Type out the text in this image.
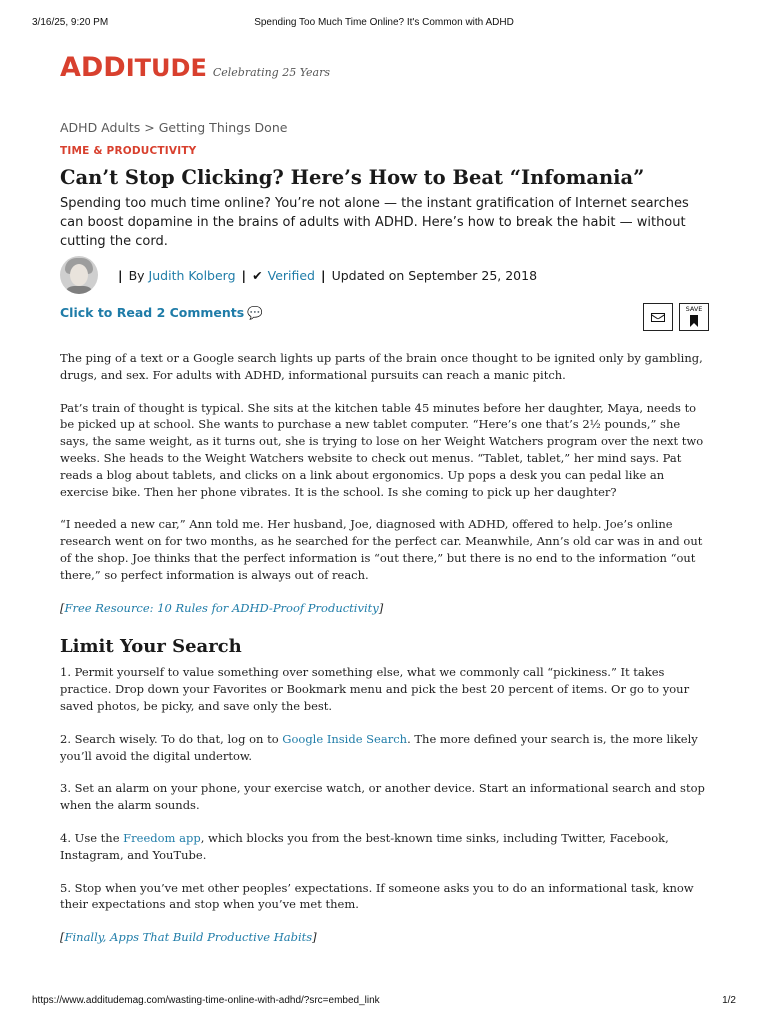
3/16/25, 9:20 PM	Spending Too Much Time Online? It's Common with ADHD
ADDITUDE Celebrating 25 Years
ADHD Adults > Getting Things Done
TIME & PRODUCTIVITY
Can’t Stop Clicking? Here’s How to Beat “Infomania”
Spending too much time online? You’re not alone — the instant gratification of Internet searches can boost dopamine in the brains of adults with ADHD. Here’s how to break the habit — without cutting the cord.
| By
Judith Kolberg | ✔ Verified | Updated on September 25, 2018
Click to Read 2 Comments 💬	SAVE

The ping of a text or a Google search lights up parts of the brain once thought to be ignited only by gambling, drugs, and sex. For adults with ADHD, informational pursuits can reach a manic pitch.

Pat’s train of thought is typical. She sits at the kitchen table 45 minutes before her daughter, Maya, needs to be picked up at school. She wants to purchase a new tablet computer. “Here’s one that’s 2½ pounds,” she says, the same weight, as it turns out, she is trying to lose on her Weight Watchers program over the next two weeks. She heads to the Weight Watchers website to check out menus. “Tablet, tablet,” her mind says. Pat reads a blog about tablets, and clicks on a link about ergonomics. Up pops a desk you can pedal like an exercise bike. Then her phone vibrates. It is the school. Is she coming to pick up her daughter?

“I needed a new car,” Ann told me. Her husband, Joe, diagnosed with ADHD, offered to help. Joe’s online research went on for two months, as he searched for the perfect car. Meanwhile, Ann’s old car was in and out of the shop. Joe thinks that the perfect information is “out there,” but there is no end to the information “out there,” so perfect information is always out of reach.

[Free Resource: 10 Rules for ADHD-Proof Productivity]

Limit Your Search

1. Permit yourself to value something over something else, what we commonly call “pickiness.” It takes practice. Drop down your Favorites or Bookmark menu and pick the best 20 percent of items. Or go to your saved photos, be picky, and save only the best.

2. Search wisely. To do that, log on to Google Inside Search. The more defined your search is, the more likely you’ll avoid the digital undertow.

3. Set an alarm on your phone, your exercise watch, or another device. Start an informational search and stop when the alarm sounds.

4. Use the Freedom app, which blocks you from the best-known time sinks, including Twitter, Facebook, Instagram, and YouTube.

5. Stop when you’ve met other peoples’ expectations. If someone asks you to do an informational task, know their expectations and stop when you’ve met them.

[Finally, Apps That Build Productive Habits]

https://www.additudemag.com/wasting-time-online-with-adhd/?src=embed_link	1/2
